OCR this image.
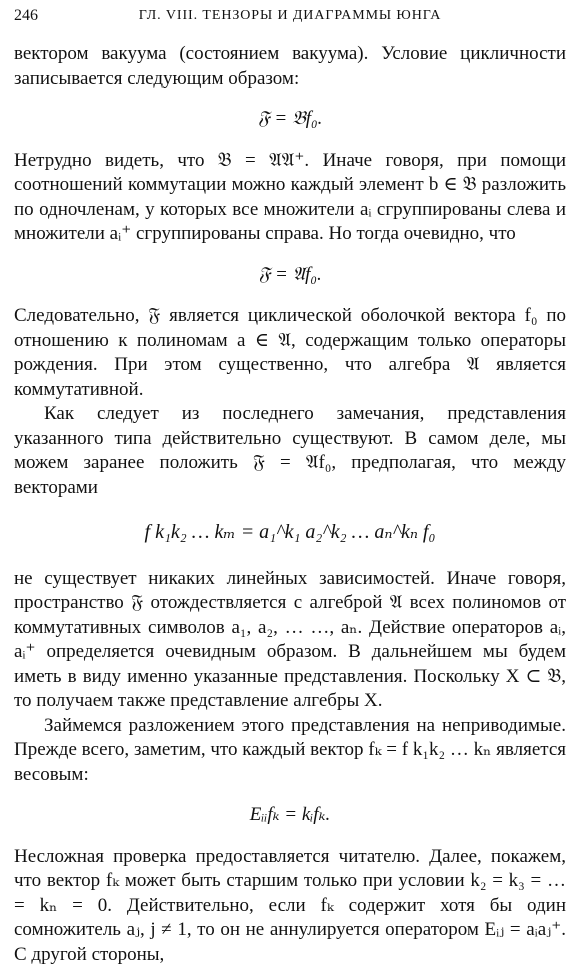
246	ГЛ. VIII. ТЕНЗОРЫ И ДИАГРАММЫ ЮНГА

вектором вакуума (состоянием вакуума). Условие цикличности записывается следующим образом:

𝔉 = 𝔅f₀.

Нетрудно видеть, что 𝔅 = 𝔄𝔄⁺. Иначе говоря, при помощи соотношений коммутации можно каждый элемент b ∈ 𝔅 разложить по одночленам, у которых все множители aᵢ сгруппированы слева и множители aᵢ⁺ сгруппированы справа. Но тогда очевидно, что

𝔉 = 𝔄f₀.

Следовательно, 𝔉 является циклической оболочкой вектора f₀ по отношению к полиномам a ∈ 𝔄, содержащим только операторы рождения. При этом существенно, что алгебра 𝔄 является коммутативной.

Как следует из последнего замечания, представления указанного типа действительно существуют. В самом деле, мы можем заранее положить 𝔉 = 𝔄f₀, предполагая, что между векторами

f k₁k₂ … kₘ = a₁^k₁ a₂^k₂ … aₙ^kₙ f₀

не существует никаких линейных зависимостей. Иначе говоря, пространство 𝔉 отождествляется с алгеброй 𝔄 всех полиномов от коммутативных символов a₁, a₂, … …, aₙ. Действие операторов aᵢ, aᵢ⁺ определяется очевидным образом. В дальнейшем мы будем иметь в виду именно указанные представления. Поскольку X ⊂ 𝔅, то получаем также представление алгебры X.

Займемся разложением этого представления на неприводимые. Прежде всего, заметим, что каждый вектор fₖ = f k₁k₂ … kₙ является весовым:

Eᵢᵢfₖ = kᵢfₖ.

Несложная проверка предоставляется читателю. Далее, покажем, что вектор fₖ может быть старшим только при условии k₂ = k₃ = … = kₙ = 0. Действительно, если fₖ содержит хотя бы один сомножитель aⱼ, j ≠ 1, то он не аннулируется оператором Eᵢⱼ = aᵢaⱼ⁺. С другой стороны,
